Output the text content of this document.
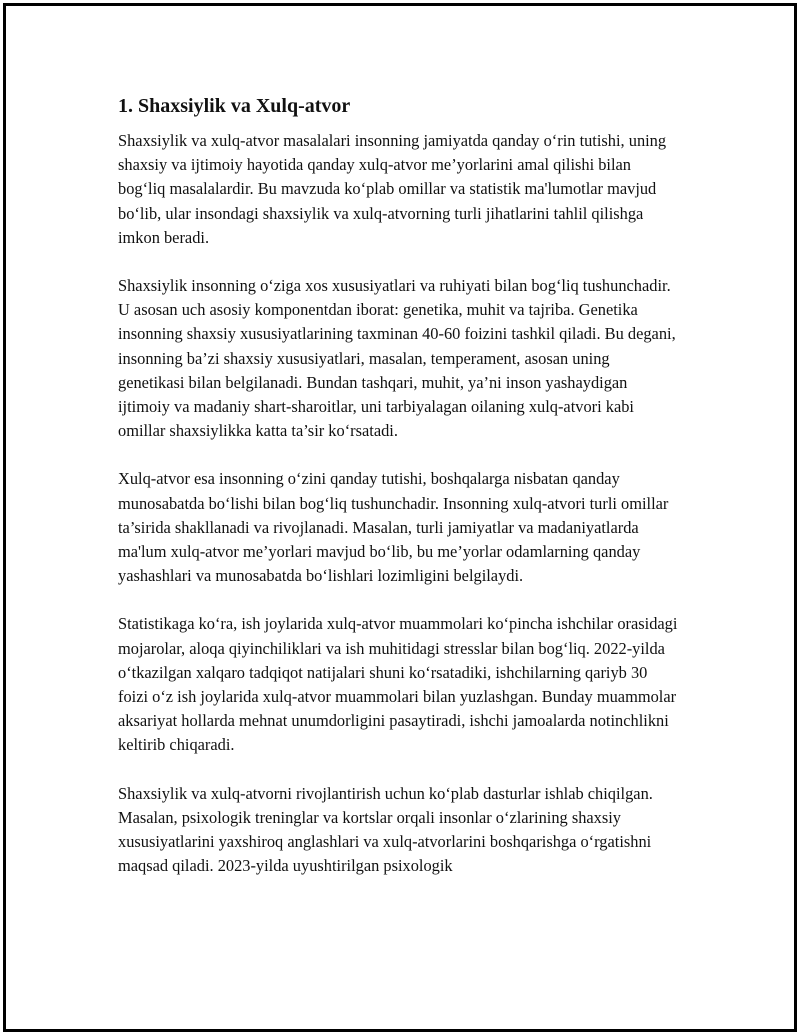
1. Shaxsiylik va Xulq-atvor

Shaxsiylik va xulq-atvor masalalari insonning jamiyatda qanday o‘rin tutishi, uning shaxsiy va ijtimoiy hayotida qanday xulq-atvor me’yorlarini amal qilishi bilan bog‘liq masalalardir. Bu mavzuda ko‘plab omillar va statistik ma'lumotlar mavjud bo‘lib, ular insondagi shaxsiylik va xulq-atvorning turli jihatlarini tahlil qilishga imkon beradi.

Shaxsiylik insonning o‘ziga xos xususiyatlari va ruhiyati bilan bog‘liq tushunchadir. U asosan uch asosiy komponentdan iborat: genetika, muhit va tajriba. Genetika insonning shaxsiy xususiyatlarining taxminan 40-60 foizini tashkil qiladi. Bu degani, insonning ba’zi shaxsiy xususiyatlari, masalan, temperament, asosan uning genetikasi bilan belgilanadi. Bundan tashqari, muhit, ya’ni inson yashaydigan ijtimoiy va madaniy shart-sharoitlar, uni tarbiyalagan oilaning xulq-atvori kabi omillar shaxsiylikka katta ta’sir ko‘rsatadi.

Xulq-atvor esa insonning o‘zini qanday tutishi, boshqalarga nisbatan qanday munosabatda bo‘lishi bilan bog‘liq tushunchadir. Insonning xulq-atvori turli omillar ta’sirida shakllanadi va rivojlanadi. Masalan, turli jamiyatlar va madaniyatlarda ma'lum xulq-atvor me’yorlari mavjud bo‘lib, bu me’yorlar odamlarning qanday yashashlari va munosabatda bo‘lishlari lozimligini belgilaydi.

Statistikaga ko‘ra, ish joylarida xulq-atvor muammolari ko‘pincha ishchilar orasidagi mojarolar, aloqa qiyinchiliklari va ish muhitidagi stresslar bilan bog‘liq. 2022-yilda o‘tkazilgan xalqaro tadqiqot natijalari shuni ko‘rsatadiki, ishchilarning qariyb 30 foizi o‘z ish joylarida xulq-atvor muammolari bilan yuzlashgan. Bunday muammolar aksariyat hollarda mehnat unumdorligini pasaytiradi, ishchi jamoalarda notinchlikni keltirib chiqaradi.

Shaxsiylik va xulq-atvorni rivojlantirish uchun ko‘plab dasturlar ishlab chiqilgan. Masalan, psixologik treninglar va kortslar orqali insonlar o‘zlarining shaxsiy xususiyatlarini yaxshiroq anglashlari va xulq-atvorlarini boshqarishga o‘rgatishni maqsad qiladi. 2023-yilda uyushtirilgan psixologik
